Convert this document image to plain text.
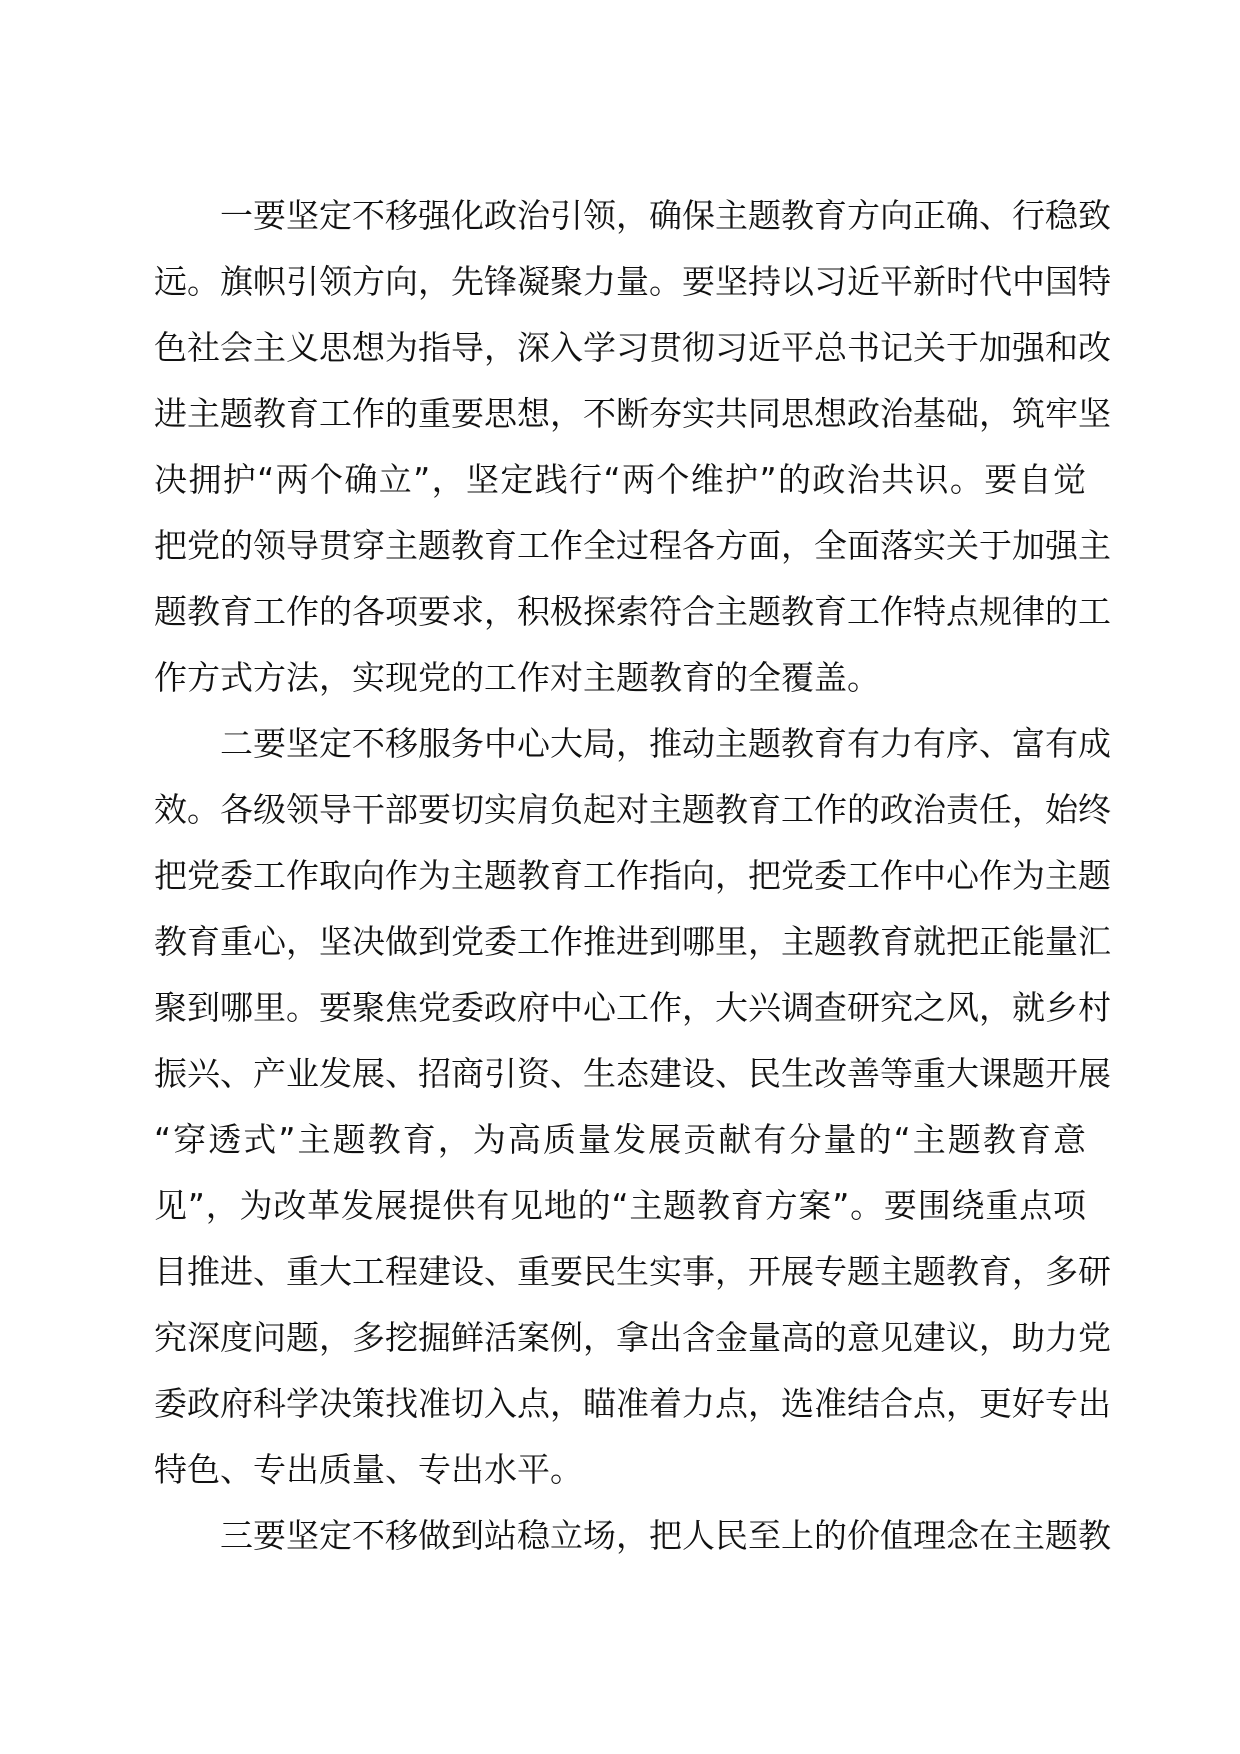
一要坚定不移强化政治引领，确保主题教育方向正确、行稳致
远。旗帜引领方向，先锋凝聚力量。要坚持以习近平新时代中国特
色社会主义思想为指导，深入学习贯彻习近平总书记关于加强和改
进主题教育工作的重要思想，不断夯实共同思想政治基础，筑牢坚
决拥护“两个确立”，坚定践行“两个维护”的政治共识。要自觉
把党的领导贯穿主题教育工作全过程各方面，全面落实关于加强主
题教育工作的各项要求，积极探索符合主题教育工作特点规律的工
作方式方法，实现党的工作对主题教育的全覆盖。
二要坚定不移服务中心大局，推动主题教育有力有序、富有成
效。各级领导干部要切实肩负起对主题教育工作的政治责任，始终
把党委工作取向作为主题教育工作指向，把党委工作中心作为主题
教育重心，坚决做到党委工作推进到哪里，主题教育就把正能量汇
聚到哪里。要聚焦党委政府中心工作，大兴调查研究之风，就乡村
振兴、产业发展、招商引资、生态建设、民生改善等重大课题开展
“穿透式”主题教育，为高质量发展贡献有分量的“主题教育意
见”，为改革发展提供有见地的“主题教育方案”。要围绕重点项
目推进、重大工程建设、重要民生实事，开展专题主题教育，多研
究深度问题，多挖掘鲜活案例，拿出含金量高的意见建议，助力党
委政府科学决策找准切入点，瞄准着力点，选准结合点，更好专出
特色、专出质量、专出水平。
三要坚定不移做到站稳立场，把人民至上的价值理念在主题教
